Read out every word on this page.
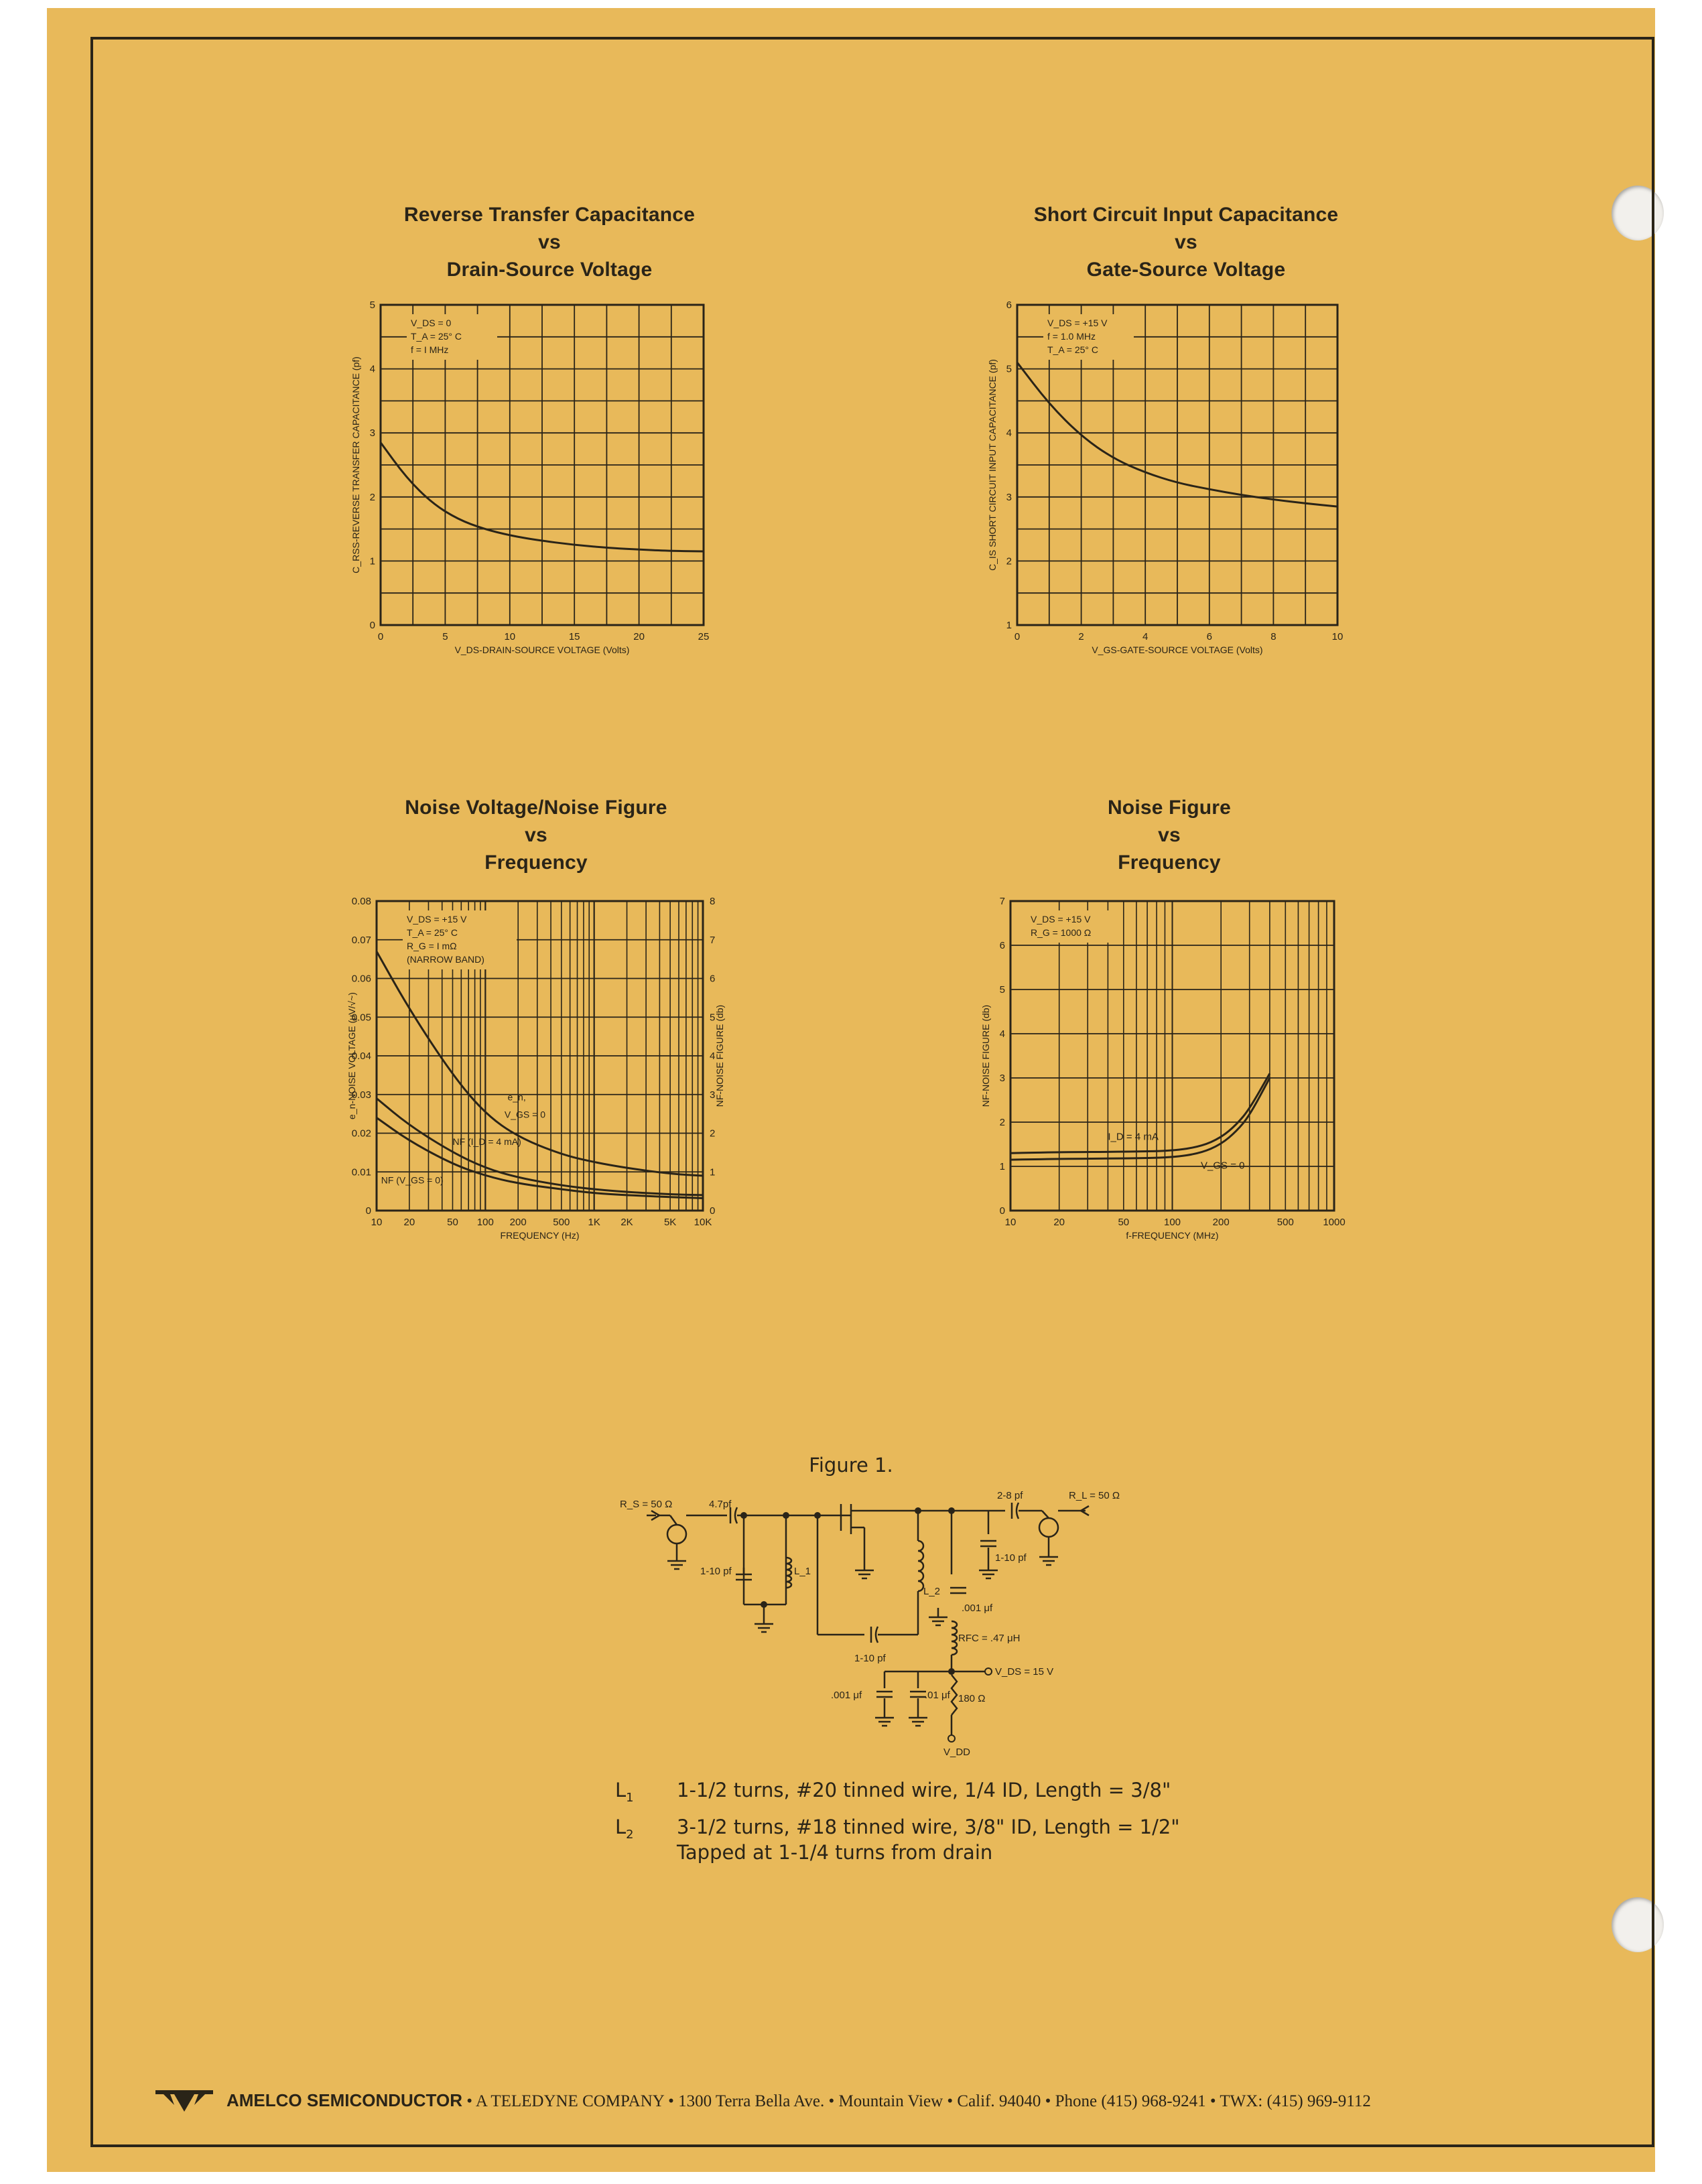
Reverse Transfer Capacitance
vs
Drain-Source Voltage
Short Circuit Input Capacitance
vs
Gate-Source Voltage
Noise Voltage/Noise Figure
vs
Frequency
Noise Figure
vs
Frequency
0	5	10	15	20	25
0
1
2
3
4
5
V_DS-DRAIN-SOURCE VOLTAGE (Volts)
C_RSS-REVERSE TRANSFER CAPACITANCE (pf)
V_DS = 0
T_A = 25° C
f = I MHz
0	2	4	6	8	10
1
2
3
4
5
6
V_GS-GATE-SOURCE VOLTAGE (Volts)
C_IS SHORT CIRCUIT INPUT CAPACITANCE (pf)
V_DS = +15 V
f = 1.0 MHz
T_A = 25° C
10 20	50 100 200	500 1K 2K	5K 10K
0
0.01
0.02
0.03
0.04
0.05
0.06
0.07
0.08
0
1
2
3
4
5
6
7
8
FREQUENCY (Hz)
e_n-NOISE VOLTAGE (μV/√~)	NF-NOISE FIGURE (db)
V_DS = +15 V
T_A = 25° C
R_G = I mΩ
(NARROW BAND)
e_n,
V_GS = 0
NF (I_D = 4 mA)
NF (V_GS = 0)
10	20	50	100	200	500	1000
0
1
2
3
4
5
6
7
f-FREQUENCY (MHz)
NF-NOISE FIGURE (db)
V_DS = +15 V
R_G = 1000 Ω
I_D = 4 mA
V_GS = 0
Figure 1.
R_S = 50 Ω	4.7pf
1-10 pf	L_1
1-10 pf
L_2
1-10 pf
2-8 pf	R_L = 50 Ω
.001 μf
RFC = .47 μH
V_DS = 15 V
.001 μf	.01 μf 180 Ω
V_DD
$L_1$ 1-1/2 turns, #20 tinned wire, 1/4 ID, Length = 3/8"
$L_2$ 3-1/2 turns, #18 tinned wire, 3/8" ID, Length = 1/2"
Tapped at 1-1/4 turns from drain
AMELCO SEMICONDUCTOR • A TELEDYNE COMPANY • 1300 Terra Bella Ave. • Mountain View • Calif. 94040 • Phone (415) 968-9241 • TWX: (415) 969-9112
